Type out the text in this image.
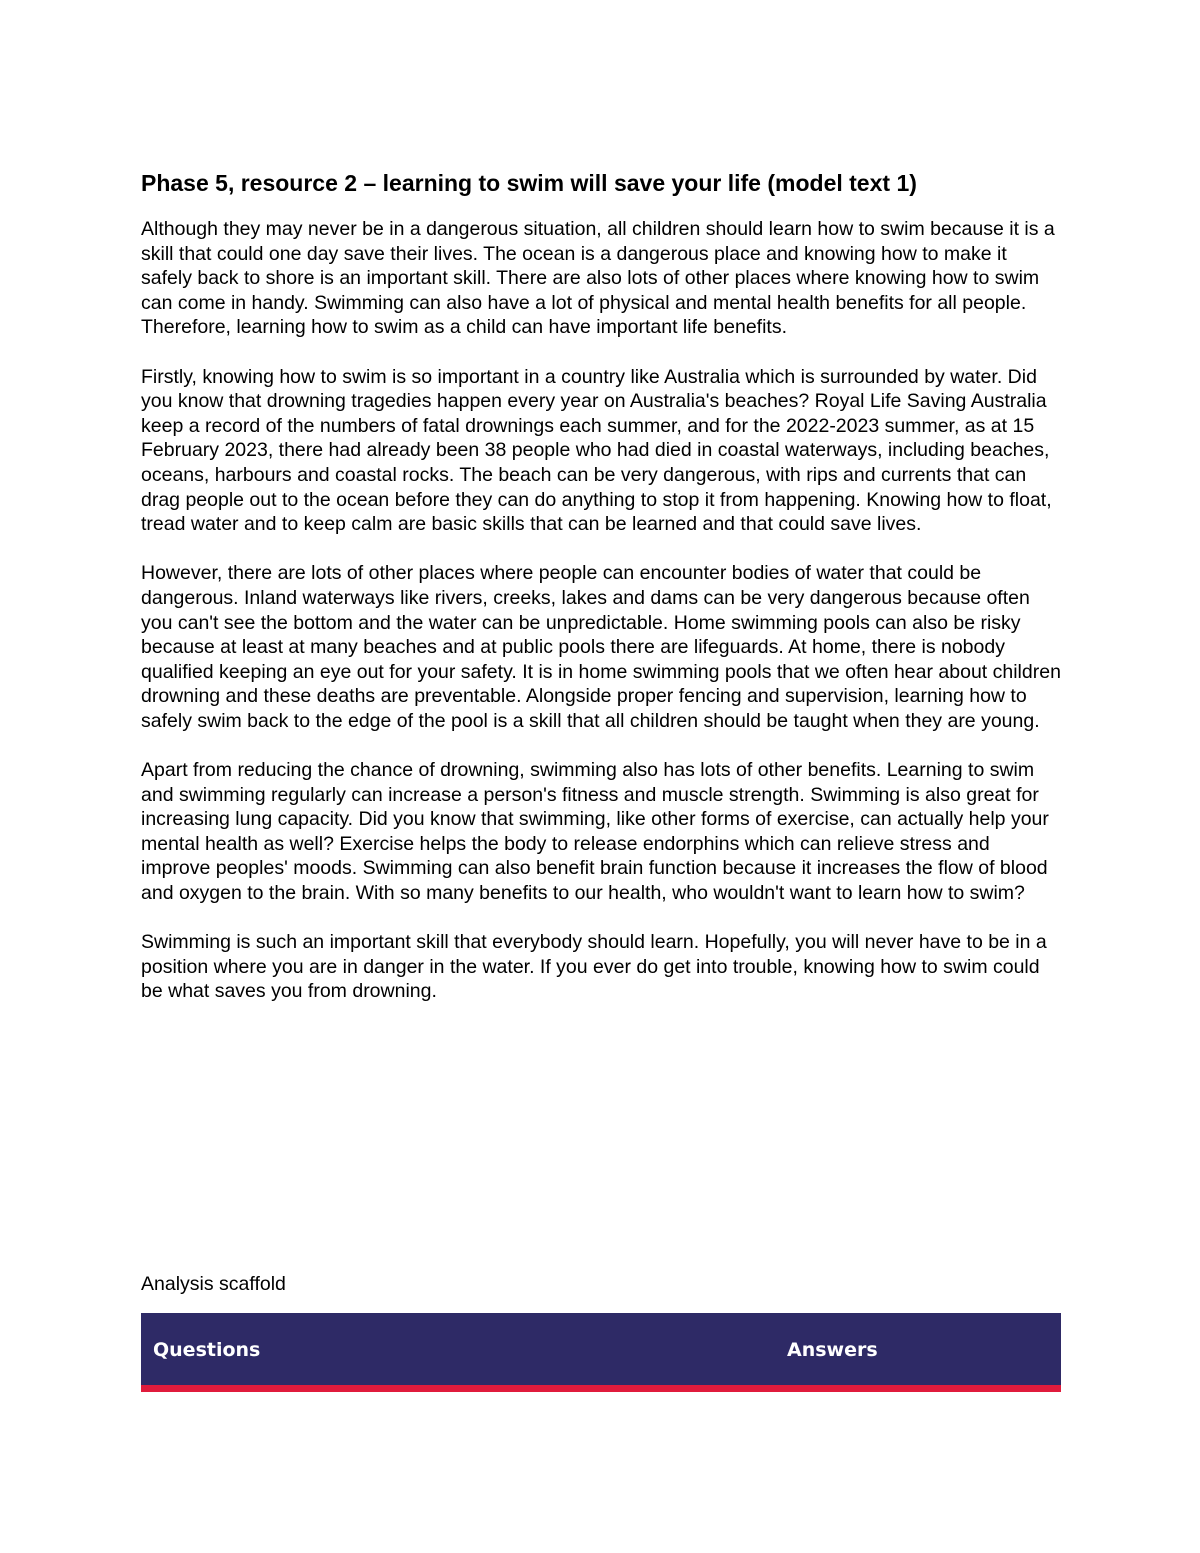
Phase 5, resource 2 – learning to swim will save your life (model text 1)

Although they may never be in a dangerous situation, all children should learn how to swim because it is a skill that could one day save their lives. The ocean is a dangerous place and knowing how to make it safely back to shore is an important skill. There are also lots of other places where knowing how to swim can come in handy. Swimming can also have a lot of physical and mental health benefits for all people. Therefore, learning how to swim as a child can have important life benefits.

Firstly, knowing how to swim is so important in a country like Australia which is surrounded by water. Did you know that drowning tragedies happen every year on Australia's beaches? Royal Life Saving Australia keep a record of the numbers of fatal drownings each summer, and for the 2022-2023 summer, as at 15 February 2023, there had already been 38 people who had died in coastal waterways, including beaches, oceans, harbours and coastal rocks. The beach can be very dangerous, with rips and currents that can drag people out to the ocean before they can do anything to stop it from happening. Knowing how to float, tread water and to keep calm are basic skills that can be learned and that could save lives.

However, there are lots of other places where people can encounter bodies of water that could be dangerous. Inland waterways like rivers, creeks, lakes and dams can be very dangerous because often you can't see the bottom and the water can be unpredictable. Home swimming pools can also be risky because at least at many beaches and at public pools there are lifeguards. At home, there is nobody qualified keeping an eye out for your safety. It is in home swimming pools that we often hear about children drowning and these deaths are preventable. Alongside proper fencing and supervision, learning how to safely swim back to the edge of the pool is a skill that all children should be taught when they are young.

Apart from reducing the chance of drowning, swimming also has lots of other benefits. Learning to swim and swimming regularly can increase a person's fitness and muscle strength. Swimming is also great for increasing lung capacity. Did you know that swimming, like other forms of exercise, can actually help your mental health as well? Exercise helps the body to release endorphins which can relieve stress and improve peoples' moods. Swimming can also benefit brain function because it increases the flow of blood and oxygen to the brain. With so many benefits to our health, who wouldn't want to learn how to swim?

Swimming is such an important skill that everybody should learn. Hopefully, you will never have to be in a position where you are in danger in the water. If you ever do get into trouble, knowing how to swim could be what saves you from drowning.

Analysis scaffold
Questions	Answers
